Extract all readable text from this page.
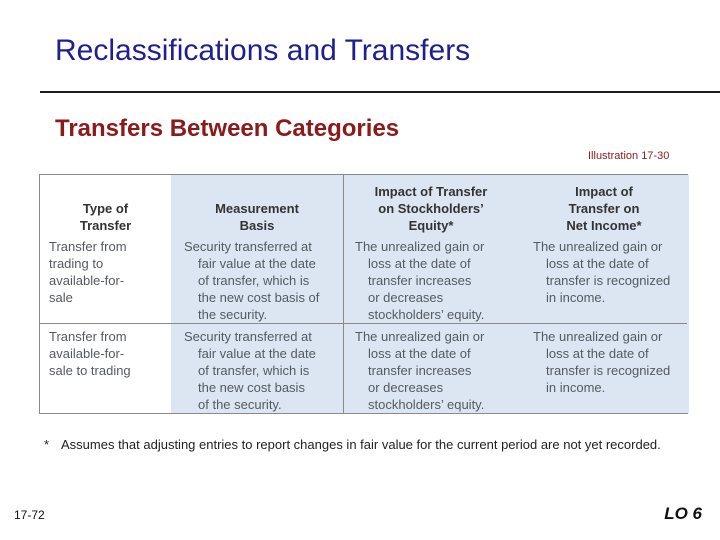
Reclassifications and Transfers
Transfers Between Categories
Illustration 17-30
Type of
Transfer
Measurement
Basis
Impact of Transfer
on Stockholders’
Equity*
Impact of
Transfer on
Net Income*
Transfer from
trading to
available-for-
sale
Security transferred at
fair value at the date
of transfer, which is
the new cost basis of
the security.
The unrealized gain or
loss at the date of
transfer increases
or decreases
stockholders’ equity.
The unrealized gain or
loss at the date of
transfer is recognized
in income.
Transfer from
available-for-
sale to trading
Security transferred at
fair value at the date
of transfer, which is
the new cost basis
of the security.
The unrealized gain or
loss at the date of
transfer increases
or decreases
stockholders’ equity.
The unrealized gain or
loss at the date of
transfer is recognized
in income.
* Assumes that adjusting entries to report changes in fair value for the current period are not yet recorded.
17-72	LO 6
